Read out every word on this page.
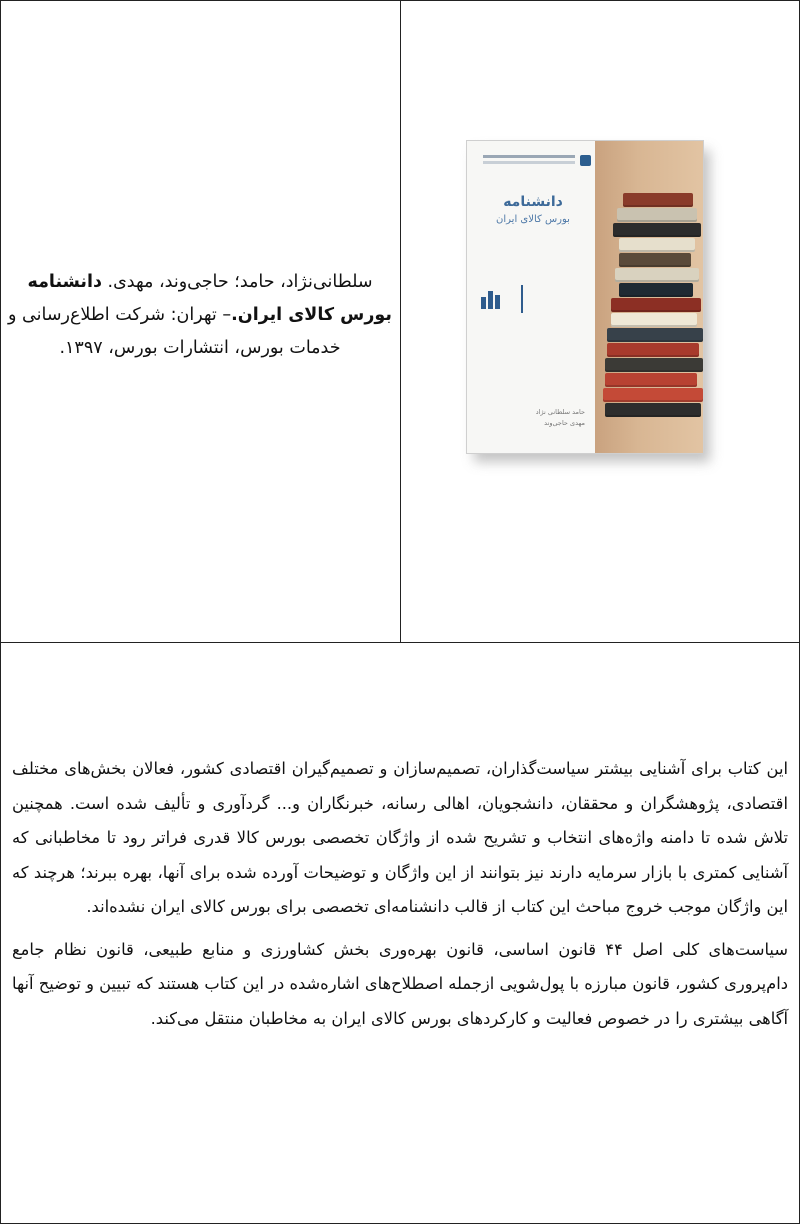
سلطانی‌نژاد، حامد؛ حاجی‌وند، مهدی. دانشنامه بورس کالای ایران.– تهران: شرکت اطلاع‌رسانی و خدمات بورس، انتشارات بورس، ۱۳۹۷.
دانشنامه
بورس کالای ایران
حامد سلطانی نژاد
مهدی حاجی‌وند

این کتاب برای آشنایی بیشتر سیاست‌گذاران، تصمیم‌سازان و تصمیم‌گیران اقتصادی کشور، فعالان بخش‌های مختلف اقتصادی، پژوهشگران و محققان، دانشجویان، اهالی رسانه، خبرنگاران و... گردآوری و تألیف شده است. همچنین تلاش شده تا دامنه واژه‌های انتخاب و تشریح شده از واژگان تخصصی بورس کالا قدری فراتر رود تا مخاطبانی که آشنایی کمتری با بازار سرمایه دارند نیز بتوانند از این واژگان و توضیحات آورده شده برای آنها، بهره ببرند؛ هرچند که این واژگان موجب خروج مباحث این کتاب از قالب دانشنامه‌ای تخصصی برای بورس کالای ایران نشده‌اند.

سیاست‌های کلی اصل ۴۴ قانون اساسی، قانون بهره‌وری بخش کشاورزی و منابع طبیعی، قانون نظام جامع دام‌پروری کشور، قانون مبارزه با پول‌شویی ازجمله اصطلاح‌های اشاره‌شده در این کتاب هستند که تبیین و توضیح آنها آگاهی بیشتری را در خصوص فعالیت و کارکردهای بورس کالای ایران به مخاطبان منتقل می‌کند.
